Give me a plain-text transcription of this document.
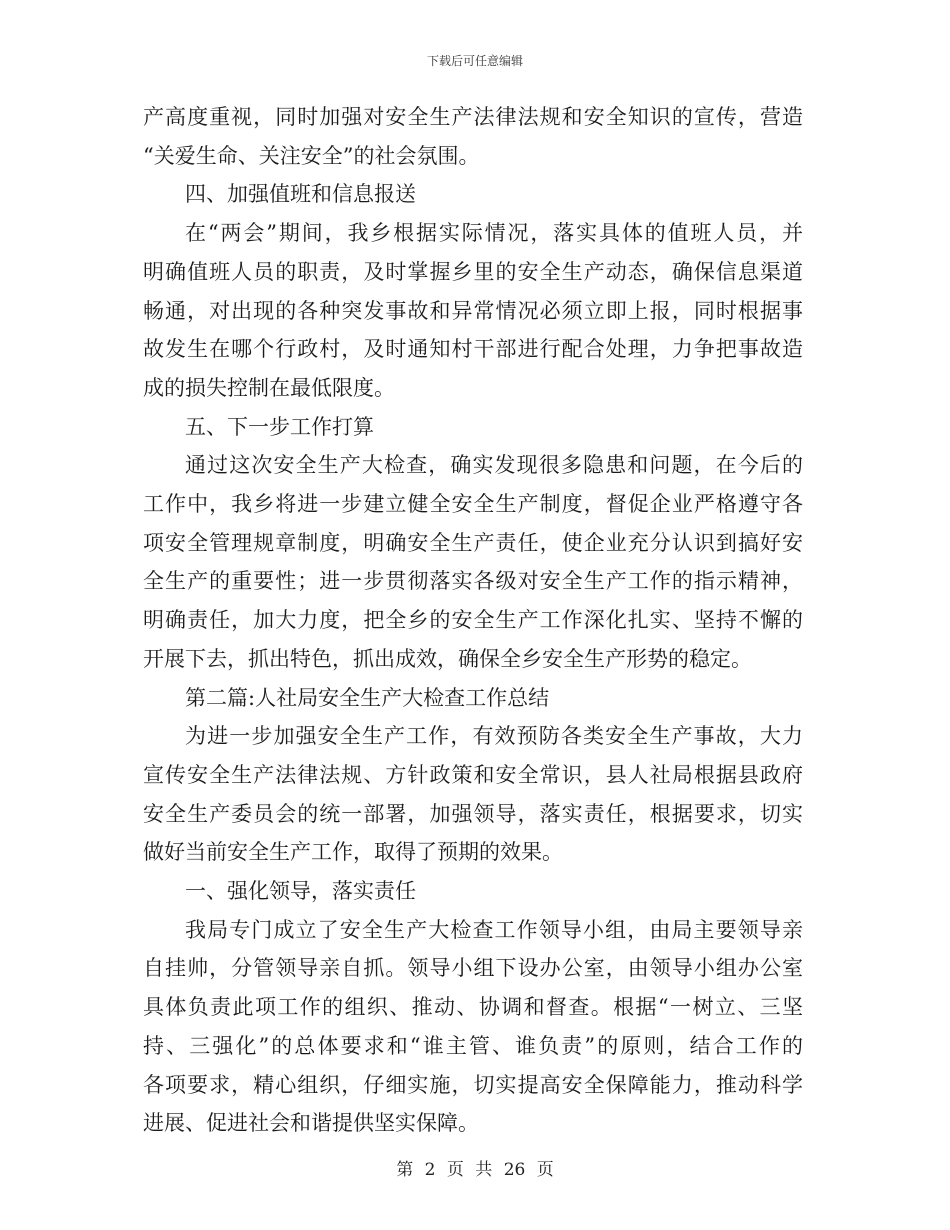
下载后可任意编辑
产高度重视，同时加强对安全生产法律法规和安全知识的宣传，营造
“关爱生命、关注安全”的社会氛围。
四、加强值班和信息报送
在“两会”期间，我乡根据实际情况，落实具体的值班人员，并
明确值班人员的职责，及时掌握乡里的安全生产动态，确保信息渠道
畅通，对出现的各种突发事故和异常情况必须立即上报，同时根据事
故发生在哪个行政村，及时通知村干部进行配合处理，力争把事故造
成的损失控制在最低限度。
五、下一步工作打算
通过这次安全生产大检查，确实发现很多隐患和问题，在今后的
工作中，我乡将进一步建立健全安全生产制度，督促企业严格遵守各
项安全管理规章制度，明确安全生产责任，使企业充分认识到搞好安
全生产的重要性；进一步贯彻落实各级对安全生产工作的指示精神，
明确责任，加大力度，把全乡的安全生产工作深化扎实、坚持不懈的
开展下去，抓出特色，抓出成效，确保全乡安全生产形势的稳定。
第二篇:人社局安全生产大检查工作总结
为进一步加强安全生产工作，有效预防各类安全生产事故，大力
宣传安全生产法律法规、方针政策和安全常识，县人社局根据县政府
安全生产委员会的统一部署，加强领导，落实责任，根据要求，切实
做好当前安全生产工作，取得了预期的效果。
一、强化领导，落实责任
我局专门成立了安全生产大检查工作领导小组，由局主要领导亲
自挂帅，分管领导亲自抓。领导小组下设办公室，由领导小组办公室
具体负责此项工作的组织、推动、协调和督查。根据“一树立、三坚
持、三强化”的总体要求和“谁主管、谁负责”的原则，结合工作的
各项要求，精心组织，仔细实施，切实提高安全保障能力，推动科学
进展、促进社会和谐提供坚实保障。
第 2 页 共 26 页
